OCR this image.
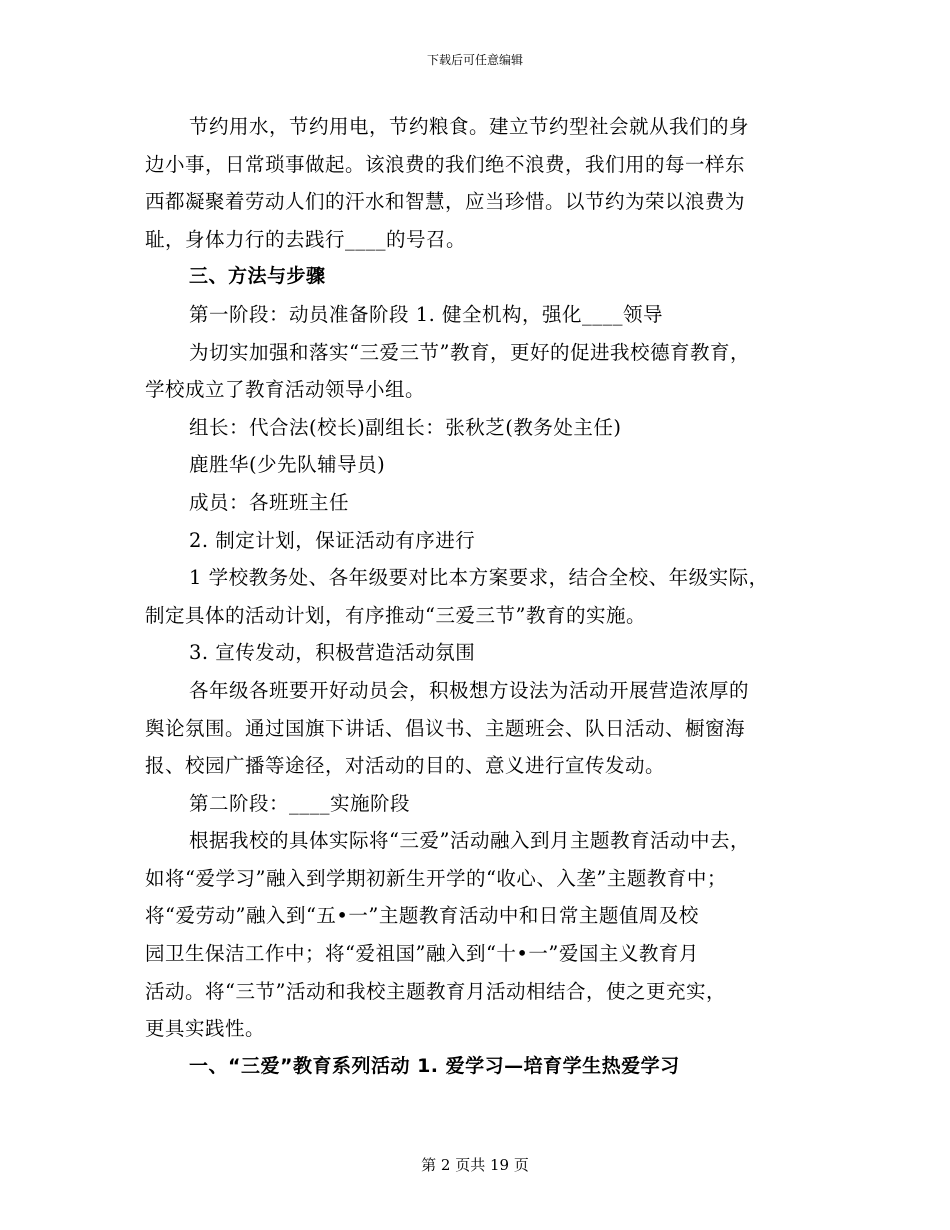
下载后可任意编辑
节约用水，节约用电，节约粮食。建立节约型社会就从我们的身
边小事，日常琐事做起。该浪费的我们绝不浪费，我们用的每一样东
西都凝聚着劳动人们的汗水和智慧，应当珍惜。以节约为荣以浪费为
耻，身体力行的去践行____的号召。
三、方法与步骤
第一阶段：动员准备阶段 1. 健全机构，强化____领导
为切实加强和落实“三爱三节”教育，更好的促进我校德育教育，
学校成立了教育活动领导小组。
组长：代合法(校长)副组长：张秋芝(教务处主任)
鹿胜华(少先队辅导员)
成员：各班班主任
2. 制定计划，保证活动有序进行
1 学校教务处、各年级要对比本方案要求，结合全校、年级实际，
制定具体的活动计划，有序推动“三爱三节”教育的实施。
3. 宣传发动，积极营造活动氛围
各年级各班要开好动员会，积极想方设法为活动开展营造浓厚的
舆论氛围。通过国旗下讲话、倡议书、主题班会、队日活动、橱窗海
报、校园广播等途径，对活动的目的、意义进行宣传发动。
第二阶段：____实施阶段
根据我校的具体实际将“三爱”活动融入到月主题教育活动中去，
如将“爱学习”融入到学期初新生开学的“收心、入垄”主题教育中；
将“爱劳动”融入到“五•一”主题教育活动中和日常主题值周及校
园卫生保洁工作中；将“爱祖国”融入到“十•一”爱国主义教育月
活动。将“三节”活动和我校主题教育月活动相结合，使之更充实，
更具实践性。
一、“三爱”教育系列活动 1. 爱学习—培育学生热爱学习
第 2 页共 19 页
